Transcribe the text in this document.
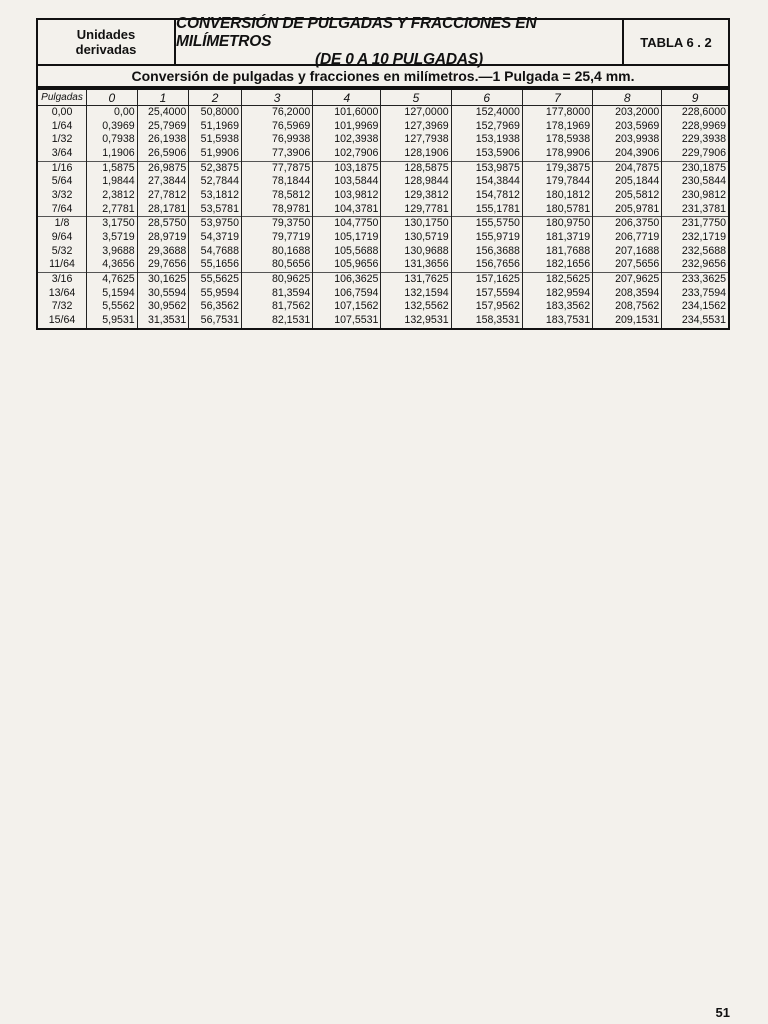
Unidades
derivadas
CONVERSIÓN DE PULGADAS Y FRACCIONES EN MILÍMETROS
(DE 0 A 10 PULGADAS)
TABLA 6 . 2
Conversión de pulgadas y fracciones en milímetros.—1 Pulgada = 25,4 mm.
Pulgadas	0	1	2	3	4	5	6	7	8	9
0,00	0,00	25,4000	50,8000	76,2000	101,6000	127,0000	152,4000	177,8000	203,2000	228,6000
1/64	0,3969	25,7969	51,1969	76,5969	101,9969	127,3969	152,7969	178,1969	203,5969	228,9969
1/32	0,7938	26,1938	51,5938	76,9938	102,3938	127,7938	153,1938	178,5938	203,9938	229,3938
3/64	1,1906	26,5906	51,9906	77,3906	102,7906	128,1906	153,5906	178,9906	204,3906	229,7906
1/16	1,5875	26,9875	52,3875	77,7875	103,1875	128,5875	153,9875	179,3875	204,7875	230,1875
5/64	1,9844	27,3844	52,7844	78,1844	103,5844	128,9844	154,3844	179,7844	205,1844	230,5844
3/32	2,3812	27,7812	53,1812	78,5812	103,9812	129,3812	154,7812	180,1812	205,5812	230,9812
7/64	2,7781	28,1781	53,5781	78,9781	104,3781	129,7781	155,1781	180,5781	205,9781	231,3781
1/8	3,1750	28,5750	53,9750	79,3750	104,7750	130,1750	155,5750	180,9750	206,3750	231,7750
9/64	3,5719	28,9719	54,3719	79,7719	105,1719	130,5719	155,9719	181,3719	206,7719	232,1719
5/32	3,9688	29,3688	54,7688	80,1688	105,5688	130,9688	156,3688	181,7688	207,1688	232,5688
11/64	4,3656	29,7656	55,1656	80,5656	105,9656	131,3656	156,7656	182,1656	207,5656	232,9656
3/16	4,7625	30,1625	55,5625	80,9625	106,3625	131,7625	157,1625	182,5625	207,9625	233,3625
13/64	5,1594	30,5594	55,9594	81,3594	106,7594	132,1594	157,5594	182,9594	208,3594	233,7594
7/32	5,5562	30,9562	56,3562	81,7562	107,1562	132,5562	157,9562	183,3562	208,7562	234,1562
15/64	5,9531	31,3531	56,7531	82,1531	107,5531	132,9531	158,3531	183,7531	209,1531	234,5531
51
